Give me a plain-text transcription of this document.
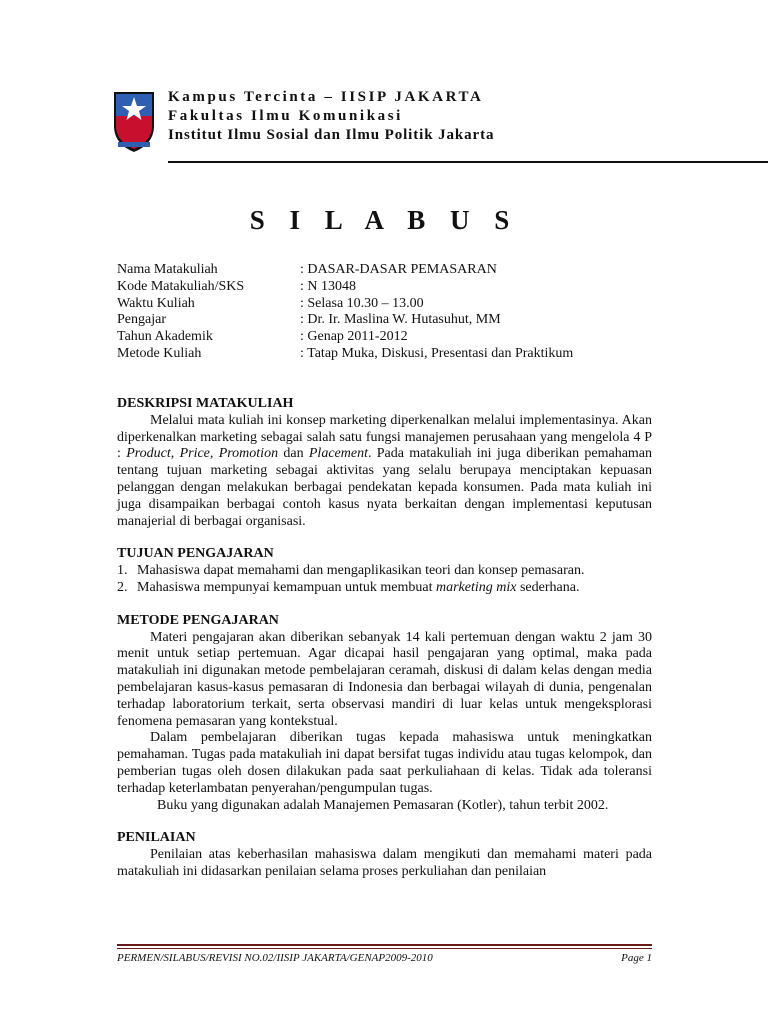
Kampus Tercinta – IISIP JAKARTA
Fakultas Ilmu Komunikasi
Institut Ilmu Sosial dan Ilmu Politik Jakarta
S I L A B U S
Nama Matakuliah	: DASAR-DASAR PEMASARAN
Kode Matakuliah/SKS	: N 13048
Waktu Kuliah	: Selasa 10.30 – 13.00
Pengajar	: Dr. Ir. Maslina W. Hutasuhut, MM
Tahun Akademik	: Genap 2011-2012
Metode Kuliah	: Tatap Muka, Diskusi, Presentasi dan Praktikum
DESKRIPSI MATAKULIAH

Melalui mata kuliah ini konsep marketing diperkenalkan melalui implementasinya. Akan diperkenalkan marketing sebagai salah satu fungsi manajemen perusahaan yang mengelola 4 P : Product, Price, Promotion dan Placement. Pada matakuliah ini juga diberikan pemahaman tentang tujuan marketing sebagai aktivitas yang selalu berupaya menciptakan kepuasan pelanggan dengan melakukan berbagai pendekatan kepada konsumen. Pada mata kuliah ini juga disampaikan berbagai contoh kasus nyata berkaitan dengan implementasi keputusan manajerial di berbagai organisasi.

TUJUAN PENGAJARAN
1. Mahasiswa dapat memahami dan mengaplikasikan teori dan konsep pemasaran.
2. Mahasiswa mempunyai kemampuan untuk membuat marketing mix sederhana.
METODE PENGAJARAN

Materi pengajaran akan diberikan sebanyak 14 kali pertemuan dengan waktu 2 jam 30 menit untuk setiap pertemuan. Agar dicapai hasil pengajaran yang optimal, maka pada matakuliah ini digunakan metode pembelajaran ceramah, diskusi di dalam kelas dengan media pembelajaran kasus-kasus pemasaran di Indonesia dan berbagai wilayah di dunia, pengenalan terhadap laboratorium terkait, serta observasi mandiri di luar kelas untuk mengeksplorasi fenomena pemasaran yang kontekstual.

Dalam pembelajaran diberikan tugas kepada mahasiswa untuk meningkatkan pemahaman. Tugas pada matakuliah ini dapat bersifat tugas individu atau tugas kelompok, dan pemberian tugas oleh dosen dilakukan pada saat perkuliahaan di kelas. Tidak ada toleransi terhadap keterlambatan penyerahan/pengumpulan tugas.

Buku yang digunakan adalah Manajemen Pemasaran (Kotler), tahun terbit 2002.

PENILAIAN

Penilaian atas keberhasilan mahasiswa dalam mengikuti dan memahami materi pada matakuliah ini didasarkan penilaian selama proses perkuliahan dan penilaian

PERMEN/SILABUS/REVISI NO.02/IISIP JAKARTA/GENAP2009-2010	Page 1
